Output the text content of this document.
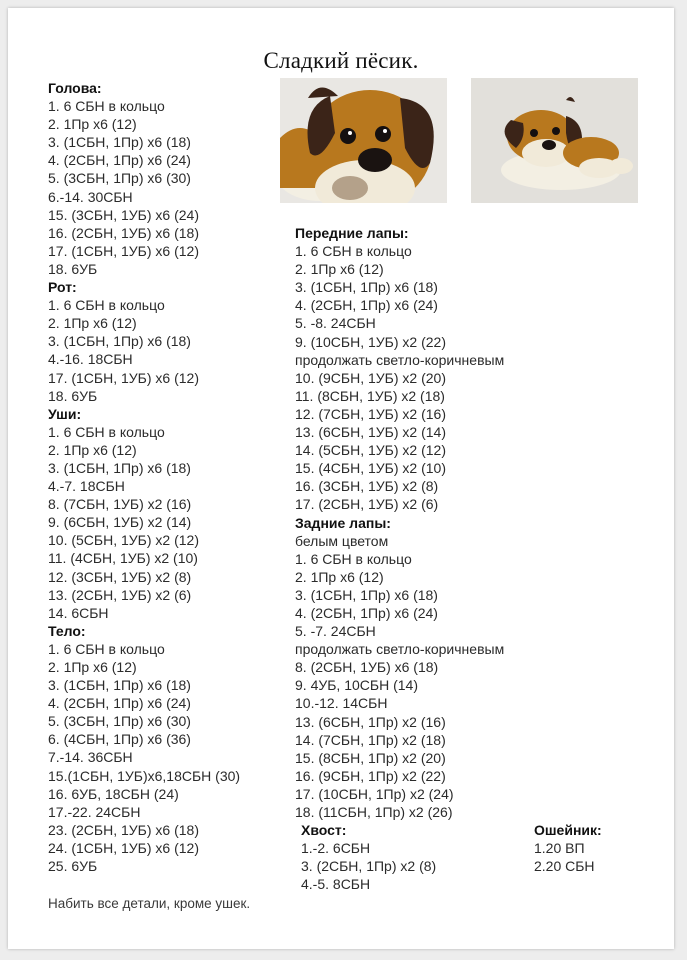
Сладкий пёсик.
Голова:
1. 6 СБН в кольцо
2. 1Пр х6 (12)
3. (1СБН, 1Пр) х6 (18)
4. (2СБН, 1Пр) х6 (24)
5. (3СБН, 1Пр) х6 (30)
6.-14. 30СБН
15. (3СБН, 1УБ) х6 (24)
16. (2СБН, 1УБ) х6 (18)
17. (1СБН, 1УБ) х6 (12)
18. 6УБ
Рот:
1. 6 СБН в кольцо
2. 1Пр х6 (12)
3. (1СБН, 1Пр) х6 (18)
4.-16. 18СБН
17. (1СБН, 1УБ) х6 (12)
18. 6УБ
Уши:
1. 6 СБН в кольцо
2. 1Пр х6 (12)
3. (1СБН, 1Пр) х6 (18)
4.-7. 18СБН
8. (7СБН, 1УБ) х2 (16)
9. (6СБН, 1УБ) х2 (14)
10. (5СБН, 1УБ) х2 (12)
11. (4СБН, 1УБ) х2 (10)
12. (3СБН, 1УБ) х2 (8)
13. (2СБН, 1УБ) х2 (6)
14. 6СБН
Тело:
1. 6 СБН в кольцо
2. 1Пр х6 (12)
3. (1СБН, 1Пр) х6 (18)
4. (2СБН, 1Пр) х6 (24)
5. (3СБН, 1Пр) х6 (30)
6. (4СБН, 1Пр) х6 (36)
7.-14. 36СБН
15.(1СБН, 1УБ)х6,18СБН (30)
16. 6УБ, 18СБН (24)
17.-22. 24СБН
23. (2СБН, 1УБ) х6 (18)
24. (1СБН, 1УБ) х6 (12)
25. 6УБ
Передние лапы:
1. 6 СБН в кольцо
2. 1Пр х6 (12)
3. (1СБН, 1Пр) х6 (18)
4. (2СБН, 1Пр) х6 (24)
5. -8. 24СБН
9. (10СБН, 1УБ) х2 (22)
продолжать светло-коричневым
10. (9СБН, 1УБ) х2 (20)
11. (8СБН, 1УБ) х2 (18)
12. (7СБН, 1УБ) х2 (16)
13. (6СБН, 1УБ) х2 (14)
14. (5СБН, 1УБ) х2 (12)
15. (4СБН, 1УБ) х2 (10)
16. (3СБН, 1УБ) х2 (8)
17. (2СБН, 1УБ) х2 (6)
Задние лапы:
белым цветом
1. 6 СБН в кольцо
2. 1Пр х6 (12)
3. (1СБН, 1Пр) х6 (18)
4. (2СБН, 1Пр) х6 (24)
5. -7. 24СБН
продолжать светло-коричневым
8. (2СБН, 1УБ) х6 (18)
9. 4УБ, 10СБН (14)
10.-12. 14СБН
13. (6СБН, 1Пр) х2 (16)
14. (7СБН, 1Пр) х2 (18)
15. (8СБН, 1Пр) х2 (20)
16. (9СБН, 1Пр) х2 (22)
17. (10СБН, 1Пр) х2 (24)
18. (11СБН, 1Пр) х2 (26)
Хвост:
1.-2. 6СБН
3. (2СБН, 1Пр) х2 (8)
4.-5. 8СБН
Ошейник:
1.20 ВП
2.20 СБН
Набить все детали, кроме ушек.
